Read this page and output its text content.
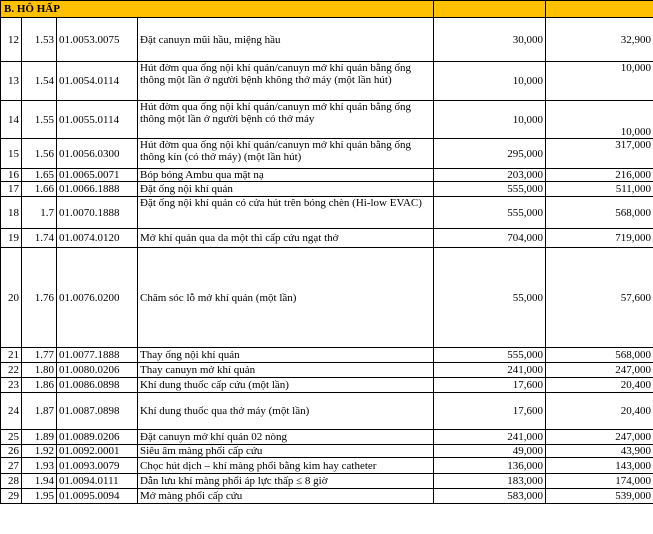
B. HÔ HẤP					
12	1.53	01.0053.0075	Đặt canuyn mũi hầu, miệng hầu	30,000	32,900
13	1.54	01.0054.0114	Hút đờm qua ống nội khí quản/canuyn mở khí quản bằng ống thông một lần ở người bệnh không thở máy (một lần hút)	10,000	10,000
14	1.55	01.0055.0114	Hút đờm qua ống nội khí quản/canuyn mở khí quản bằng ống thông một lần ở người bệnh có thở máy	10,000	10,000
15	1.56	01.0056.0300	Hút đờm qua ống nội khí quản/canuyn mở khí quản bằng ống thông kín (có thở máy) (một lần hút)	295,000	317,000
16	1.65	01.0065.0071	Bóp bóng Ambu qua mặt nạ	203,000	216,000
17	1.66	01.0066.1888	Đặt ống nội khí quản	555,000	511,000
18	1.7	01.0070.1888	Đặt ống nội khí quản có cửa hút trên bóng chèn (Hi-low EVAC)	555,000	568,000
19	1.74	01.0074.0120	Mở khí quản qua da một thì cấp cứu ngạt thở	704,000	719,000
20	1.76	01.0076.0200	Chăm sóc lỗ mở khí quản (một lần)	55,000	57,600
21	1.77	01.0077.1888	Thay ống nội khí quản	555,000	568,000
22	1.80	01.0080.0206	Thay canuyn mở khí quản	241,000	247,000
23	1.86	01.0086.0898	Khí dung thuốc cấp cứu (một lần)	17,600	20,400
24	1.87	01.0087.0898	Khí dung thuốc qua thở máy (một lần)	17,600	20,400
25	1.89	01.0089.0206	Đặt canuyn mở khí quản 02 nòng	241,000	247,000
26	1.92	01.0092.0001	Siêu âm màng phổi cấp cứu	49,000	43,900
27	1.93	01.0093.0079	Chọc hút dịch – khí màng phổi bằng kim hay catheter	136,000	143,000
28	1.94	01.0094.0111	Dẫn lưu khí màng phổi áp lực thấp ≤ 8 giờ	183,000	174,000
29	1.95	01.0095.0094	Mở màng phổi cấp cứu	583,000	539,000
